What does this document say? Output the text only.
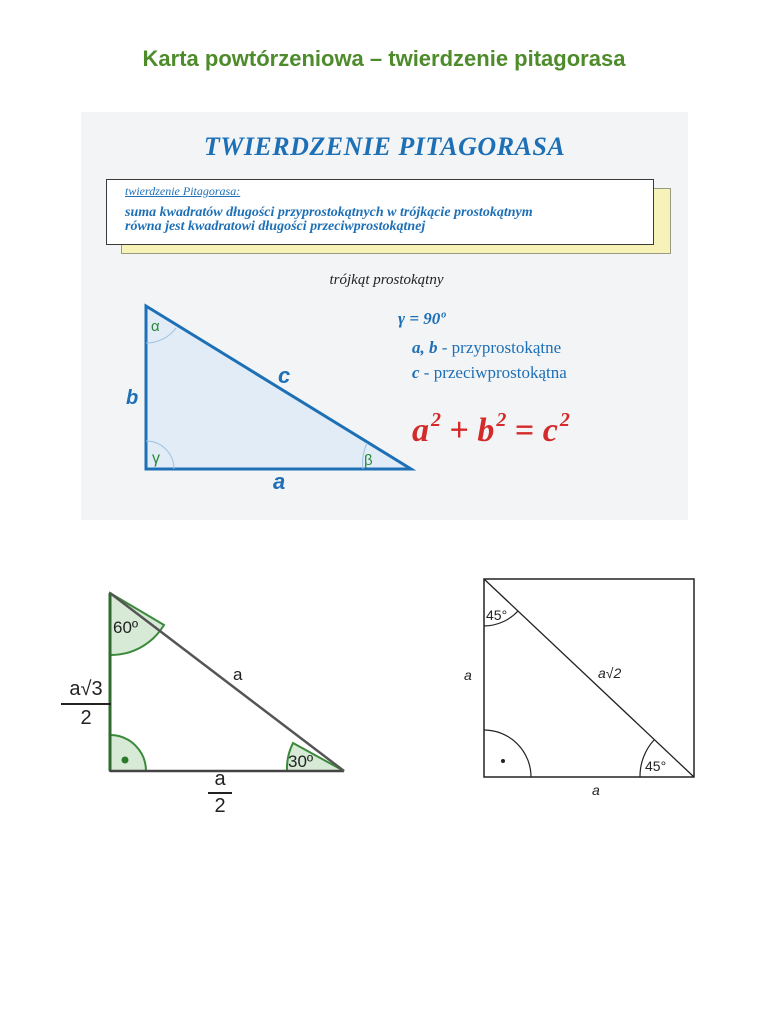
Karta powtórzeniowa – twierdzenie pitagorasa
TWIERDZENIE PITAGORASA
twierdzenie Pitagorasa:
suma kwadratów długości przyprostokątnych w trójkącie prostokątnym
równa jest kwadratowi długości przeciwprostokątnej
trójkąt prostokątny
α
γ	β
b
c
a
γ = 90º
a, b - przyprostokątne
c - przeciwprostokątna
a $^2$ + b $^2$ = c $^2$
60º
30º
a
$\frac{a√3}{2}$
$\frac{a}{2}$
45°
45°
a√2
a
a
